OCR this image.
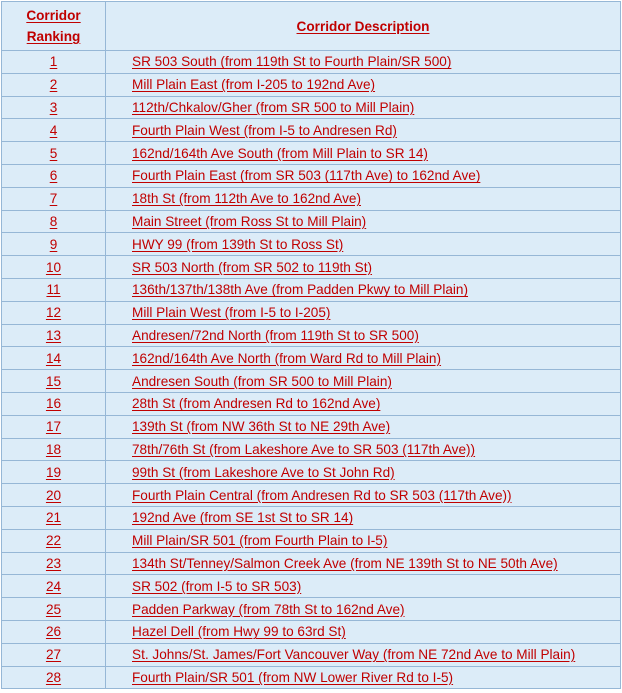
Corridor
Ranking	Corridor Description
1	SR 503 South (from 119th St to Fourth Plain/SR 500)
2	Mill Plain East (from I-205 to 192nd Ave)
3	112th/Chkalov/Gher (from SR 500 to Mill Plain)
4	Fourth Plain West (from I-5 to Andresen Rd)
5	162nd/164th Ave South (from Mill Plain to SR 14)
6	Fourth Plain East (from SR 503 (117th Ave) to 162nd Ave)
7	18th St (from 112th Ave to 162nd Ave)
8	Main Street (from Ross St to Mill Plain)
9	HWY 99 (from 139th St to Ross St)
10	SR 503 North (from SR 502 to 119th St)
11	136th/137th/138th Ave (from Padden Pkwy to Mill Plain)
12	Mill Plain West (from I-5 to I-205)
13	Andresen/72nd North (from 119th St to SR 500)
14	162nd/164th Ave North (from Ward Rd to Mill Plain)
15	Andresen South (from SR 500 to Mill Plain)
16	28th St (from Andresen Rd to 162nd Ave)
17	139th St (from NW 36th St to NE 29th Ave)
18	78th/76th St (from Lakeshore Ave to SR 503 (117th Ave))
19	99th St (from Lakeshore Ave to St John Rd)
20	Fourth Plain Central (from Andresen Rd to SR 503 (117th Ave))
21	192nd Ave (from SE 1st St to SR 14)
22	Mill Plain/SR 501 (from Fourth Plain to I-5)
23	134th St/Tenney/Salmon Creek Ave (from NE 139th St to NE 50th Ave)
24	SR 502 (from I-5 to SR 503)
25	Padden Parkway (from 78th St to 162nd Ave)
26	Hazel Dell (from Hwy 99 to 63rd St)
27	St. Johns/St. James/Fort Vancouver Way (from NE 72nd Ave to Mill Plain)
28	Fourth Plain/SR 501 (from NW Lower River Rd to I-5)
